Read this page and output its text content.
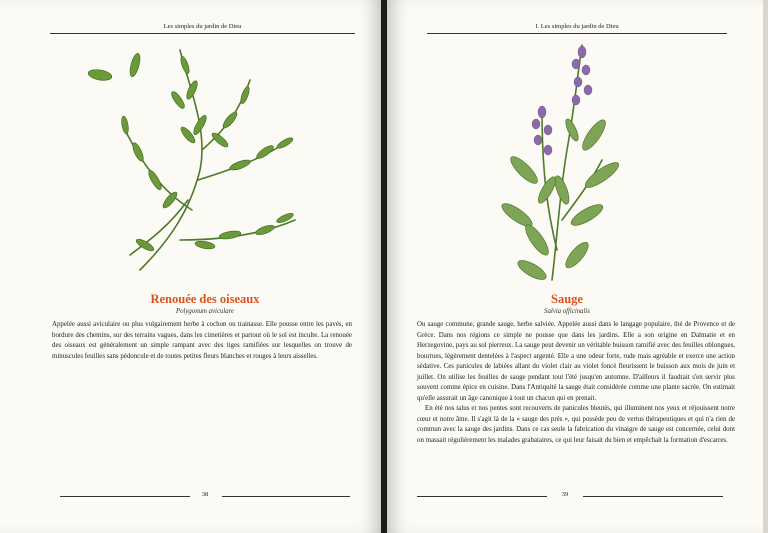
Les simples du jardin de Dieu
Renouée des oiseaux
Polygonum aviculare

Appelée aussi aviculaire ou plus vulgairement herbe à cochon ou trainasse. Elle pousse entre les pavés, en bordure des chemins, sur des terrains vagues, dans les cimetières et partout où le sol est inculte. La renouée des oiseaux est généralement un simple rampant avec des tiges ramifiées sur lesquelles on trouve de minuscules feuilles sans pédoncule et de toutes petites fleurs blanches et rouges à leurs aisselles.

38
I. Les simples du jardin de Dieu
Sauge
Salvia officinalis

Ou sauge commune, grande sauge, herbe salviée. Appelée aussi dans le langage populaire, thé de Provence et de Grèce. Dans nos régions ce simple ne pousse que dans les jardins. Elle a son origine en Dalmatie et en Herzegovine, pays au sol pierreux. La sauge peut devenir un véritable buisson ramifié avec des feuilles oblongues, bourrues, légèrement dentelées à l'aspect argenté. Elle a une odeur forte, rude mais agréable et exerce une action sédative. Ces panicules de labiées allant du violet clair au violet foncé fleurissent le buisson aux mois de juin et juillet. On utilise les feuilles de sauge pendant tout l'été jusqu'en automne. D'ailleurs il faudrait s'en servir plus souvent comme épice en cuisine. Dans l'Antiquité la sauge était considérée comme une plante sacrée. On estimait qu'elle assurait un âge canonique à tout un chacun qui en prenait.

En été nos talus et nos pentes sont recouverts de panicules bleutés, qui illuminent nos yeux et réjouissent notre cœur et notre âme. Il s'agit là de la « sauge des prés », qui possède peu de vertus thérapeutiques et qui n'a rien de commun avec la sauge des jardins. Dans ce cas seule la fabrication du vinaigre de sauge est concernée, celui dont on massait régulièrement les malades grabataires, ce qui leur faisait du bien et empêchait la formation d'escarres.

39
